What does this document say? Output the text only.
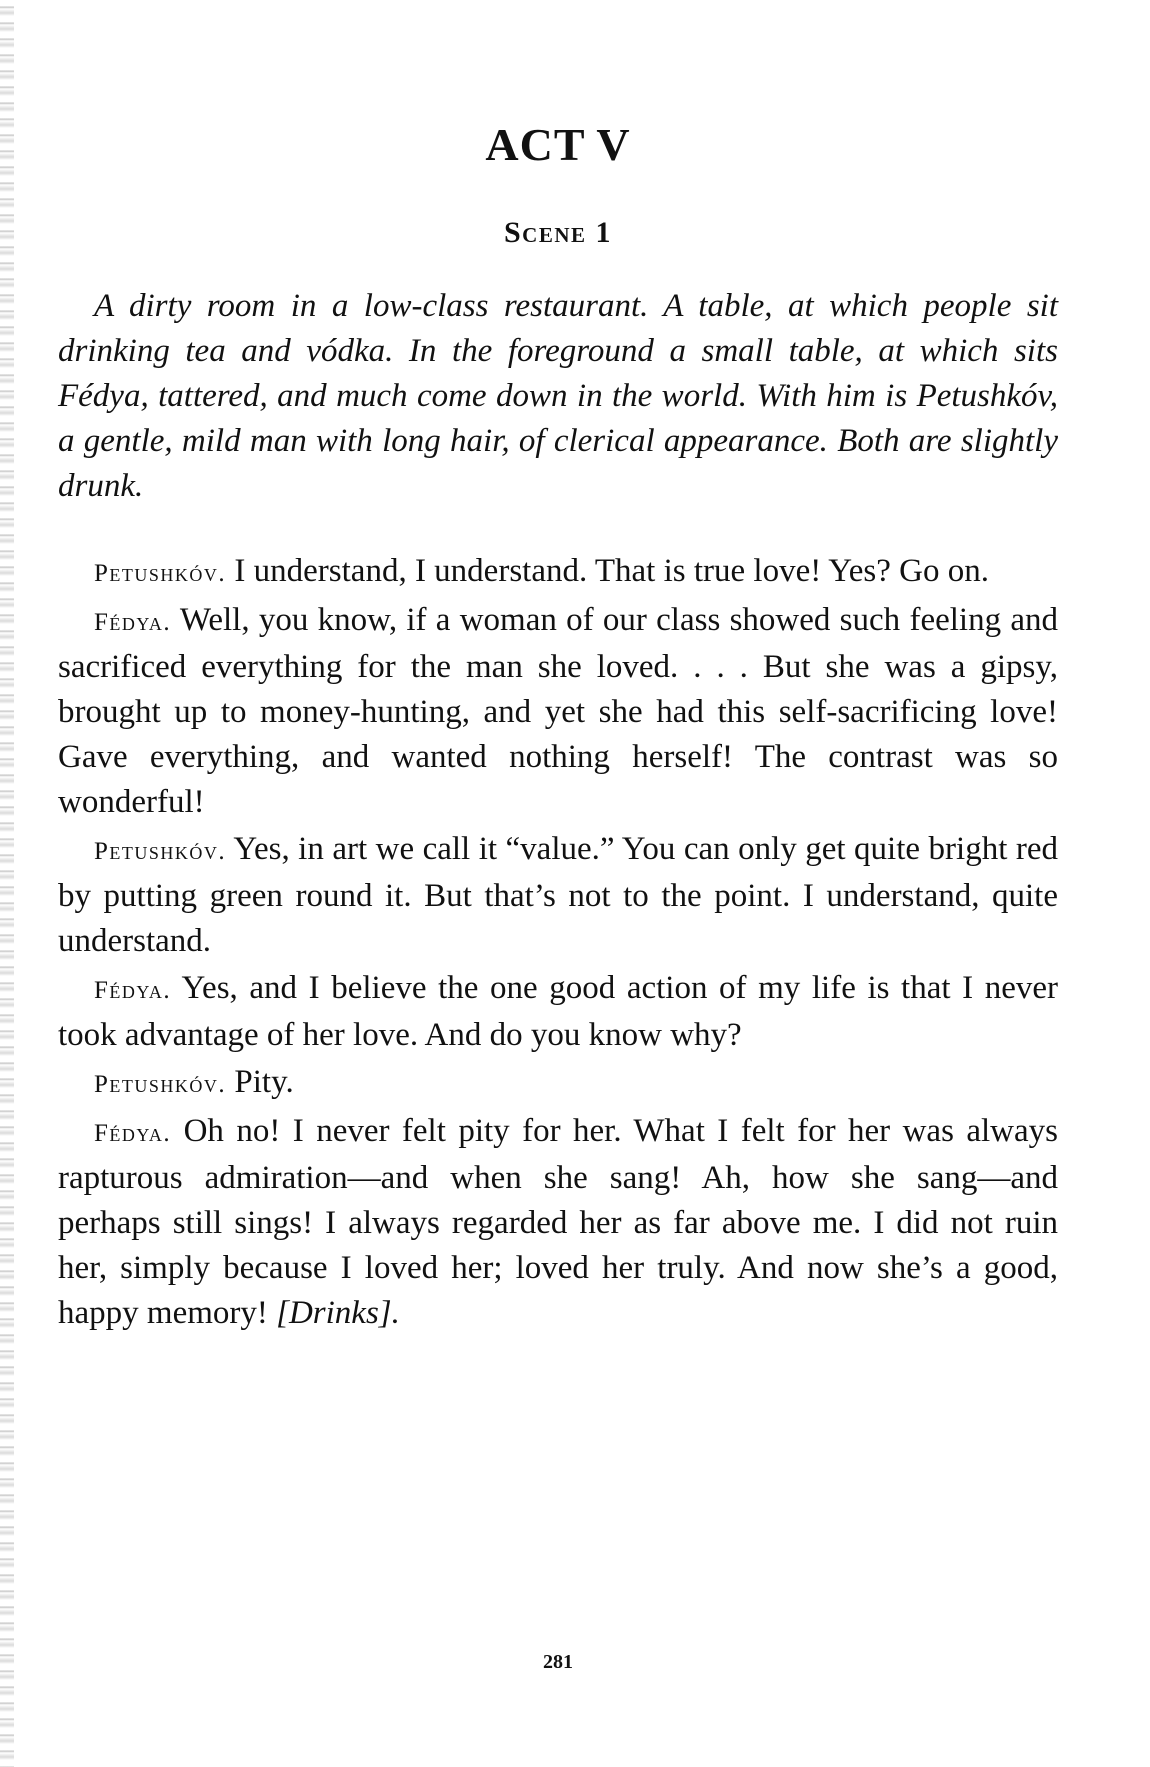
ACT V
Scene 1

A dirty room in a low-class restaurant. A table, at which people sit drinking tea and vódka. In the foreground a small table, at which sits Fédya, tattered, and much come down in the world. With him is Petushkóv, a gentle, mild man with long hair, of clerical appearance. Both are slightly drunk.

Petushkóv. I understand, I understand. That is true love! Yes? Go on.

Fédya. Well, you know, if a woman of our class showed such feeling and sacrificed everything for the man she loved. . . . But she was a gipsy, brought up to money-hunting, and yet she had this self-sacrificing love! Gave everything, and wanted nothing herself! The contrast was so wonderful!

Petushkóv. Yes, in art we call it “value.” You can only get quite bright red by putting green round it. But that’s not to the point. I understand, quite understand.

Fédya. Yes, and I believe the one good action of my life is that I never took advantage of her love. And do you know why?

Petushkóv. Pity.

Fédya. Oh no! I never felt pity for her. What I felt for her was always rapturous admiration—and when she sang! Ah, how she sang—and perhaps still sings! I always regarded her as far above me. I did not ruin her, simply because I loved her; loved her truly. And now she’s a good, happy memory! [Drinks].

281
